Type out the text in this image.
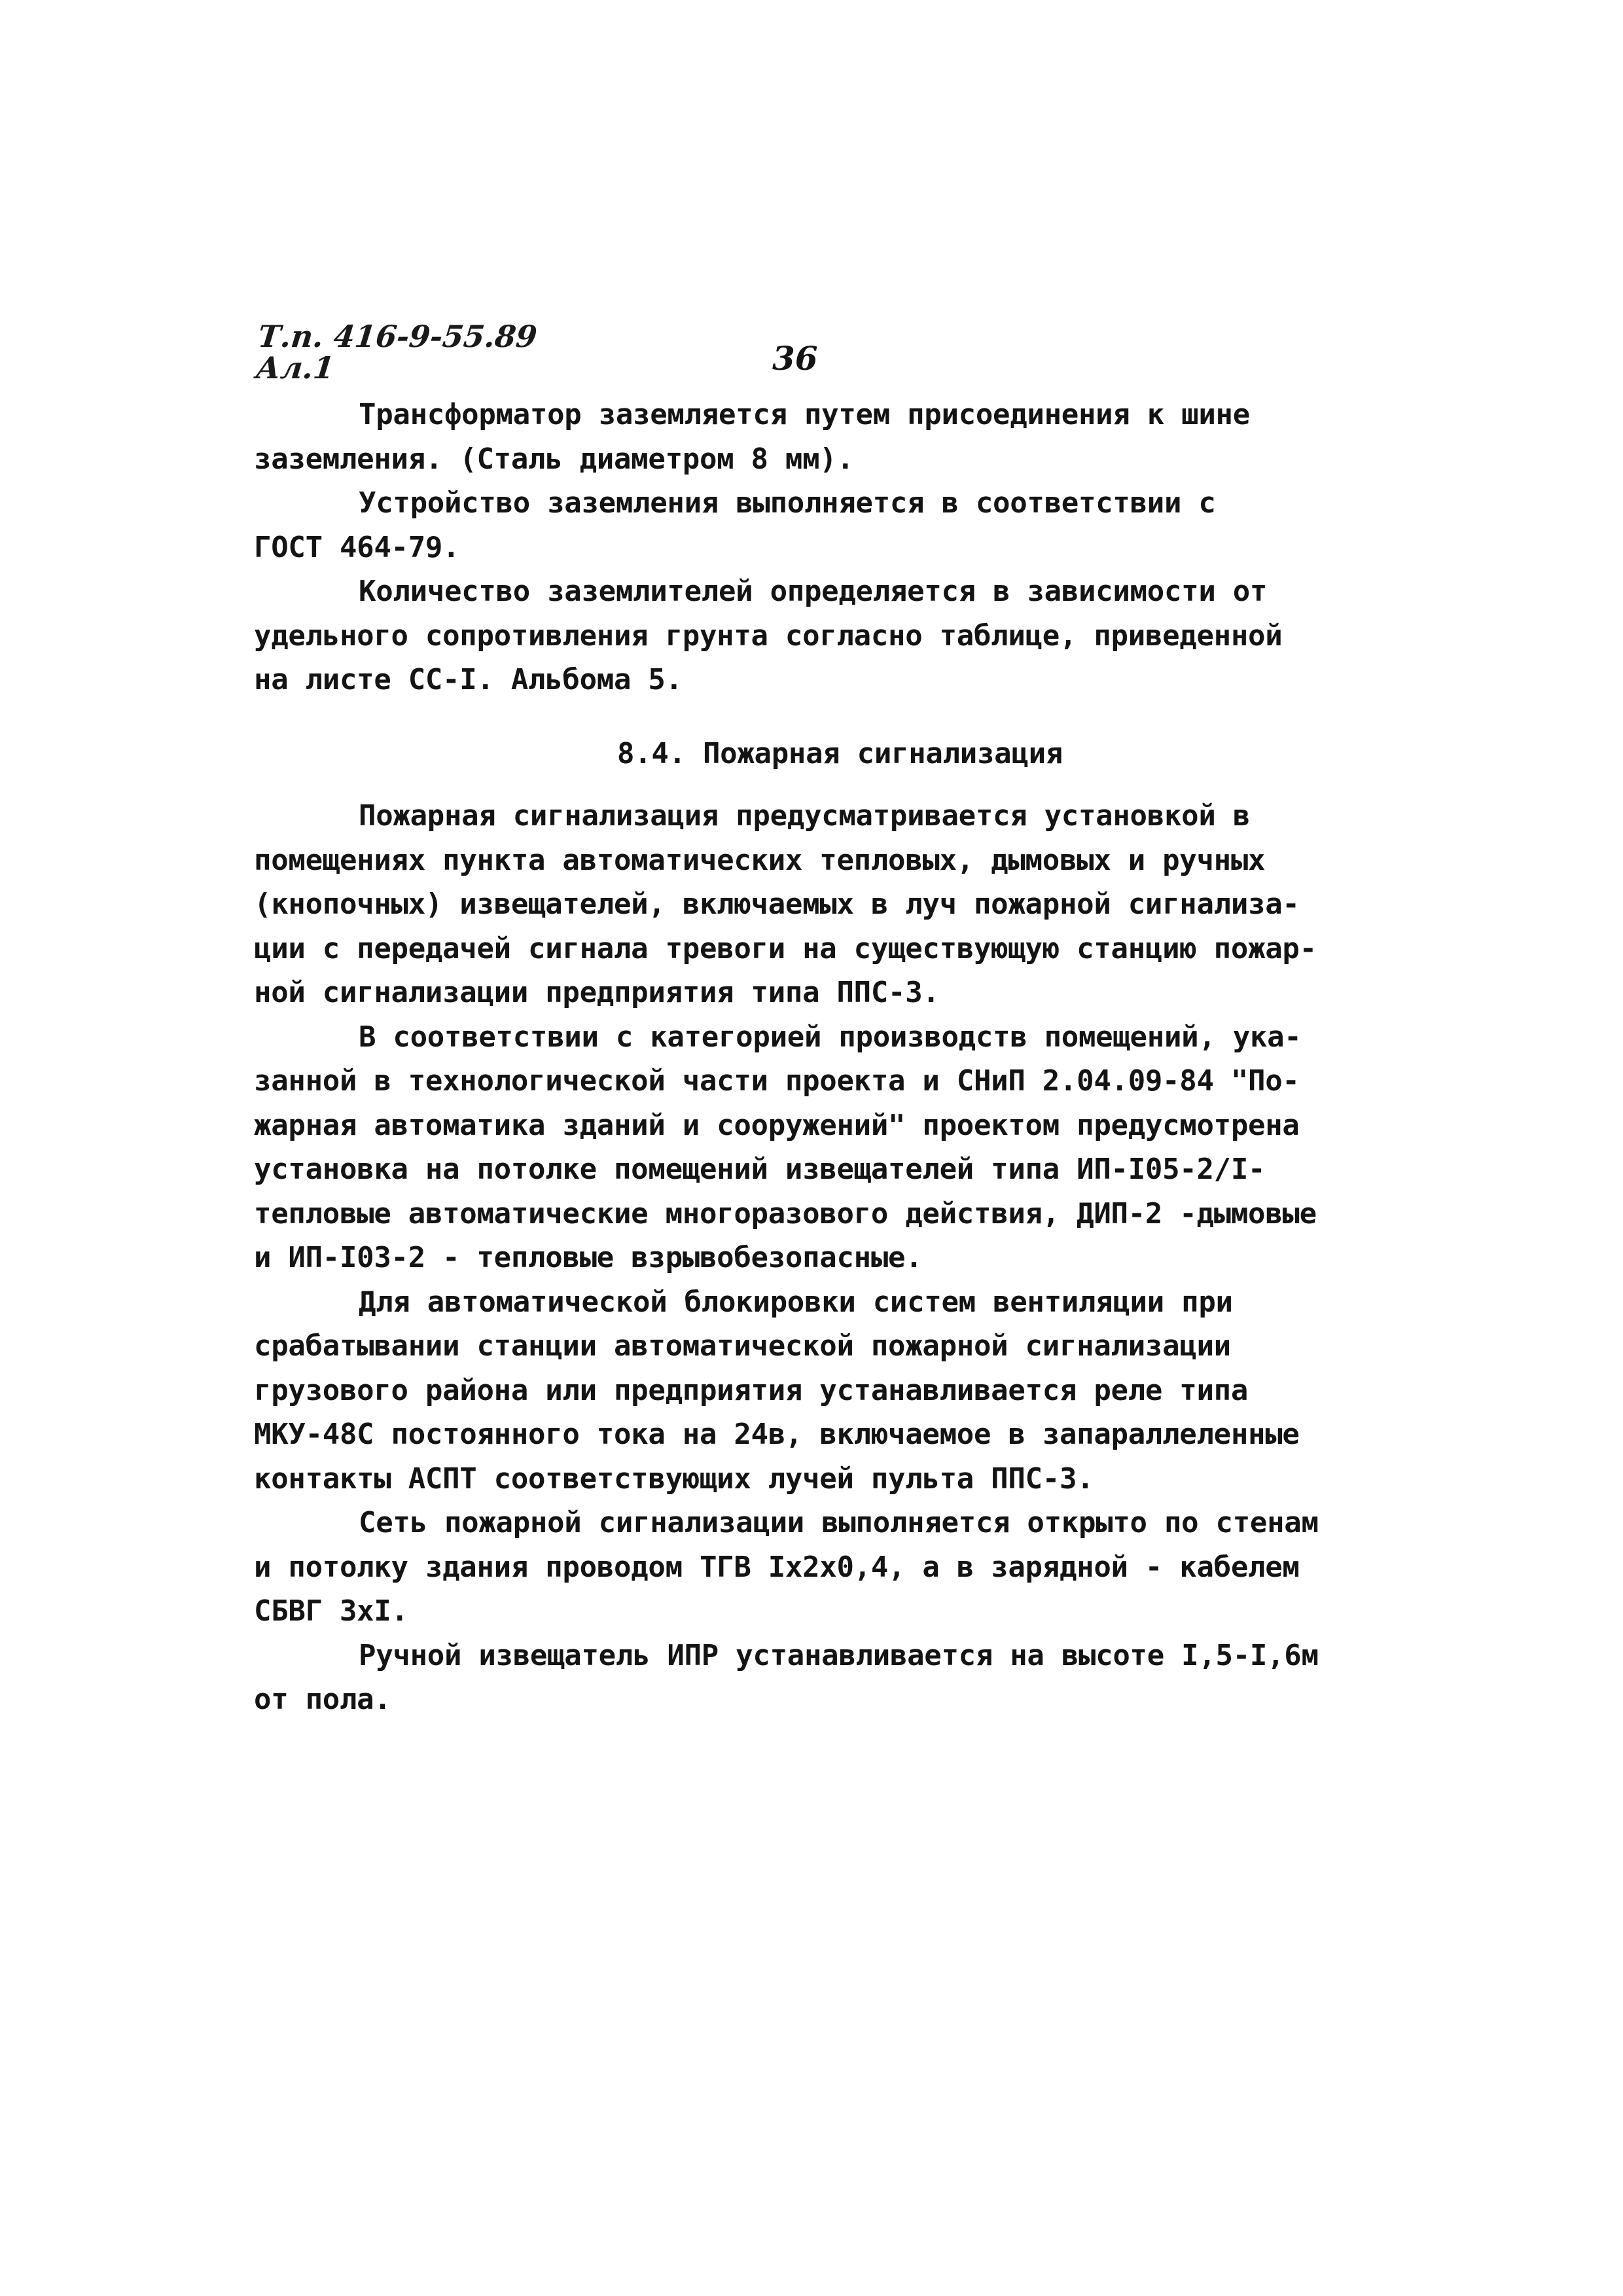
Т.п. 416-9-55.89
Ал.1	36
Трансформатор заземляется путем присоединения к шине
заземления. (Сталь диаметром 8 мм).
Устройство заземления выполняется в соответствии с
ГОСТ 464-79.
Количество заземлителей определяется в зависимости от
удельного сопротивления грунта согласно таблице, приведенной
на листе СС-I. Альбома 5.
8.4. Пожарная сигнализация
Пожарная сигнализация предусматривается установкой в
помещениях пункта автоматических тепловых, дымовых и ручных
(кнопочных) извещателей, включаемых в луч пожарной сигнализа-
ции с передачей сигнала тревоги на существующую станцию пожар-
ной сигнализации предприятия типа ППС-3.
В соответствии с категорией производств помещений, ука-
занной в технологической части проекта и СНиП 2.04.09-84 "По-
жарная автоматика зданий и сооружений" проектом предусмотрена
установка на потолке помещений извещателей типа ИП-I05-2/I-
тепловые автоматические многоразового действия, ДИП-2 -дымовые
и ИП-I03-2 - тепловые взрывобезопасные.
Для автоматической блокировки систем вентиляции при
срабатывании станции автоматической пожарной сигнализации
грузового района или предприятия устанавливается реле типа
МКУ-48С постоянного тока на 24в, включаемое в запараллеленные
контакты АСПТ соответствующих лучей пульта ППС-3.
Сеть пожарной сигнализации выполняется открыто по стенам
и потолку здания проводом ТГВ Iх2х0,4, а в зарядной - кабелем
СБВГ 3хI.
Ручной извещатель ИПР устанавливается на высоте I,5-I,6м
от пола.
